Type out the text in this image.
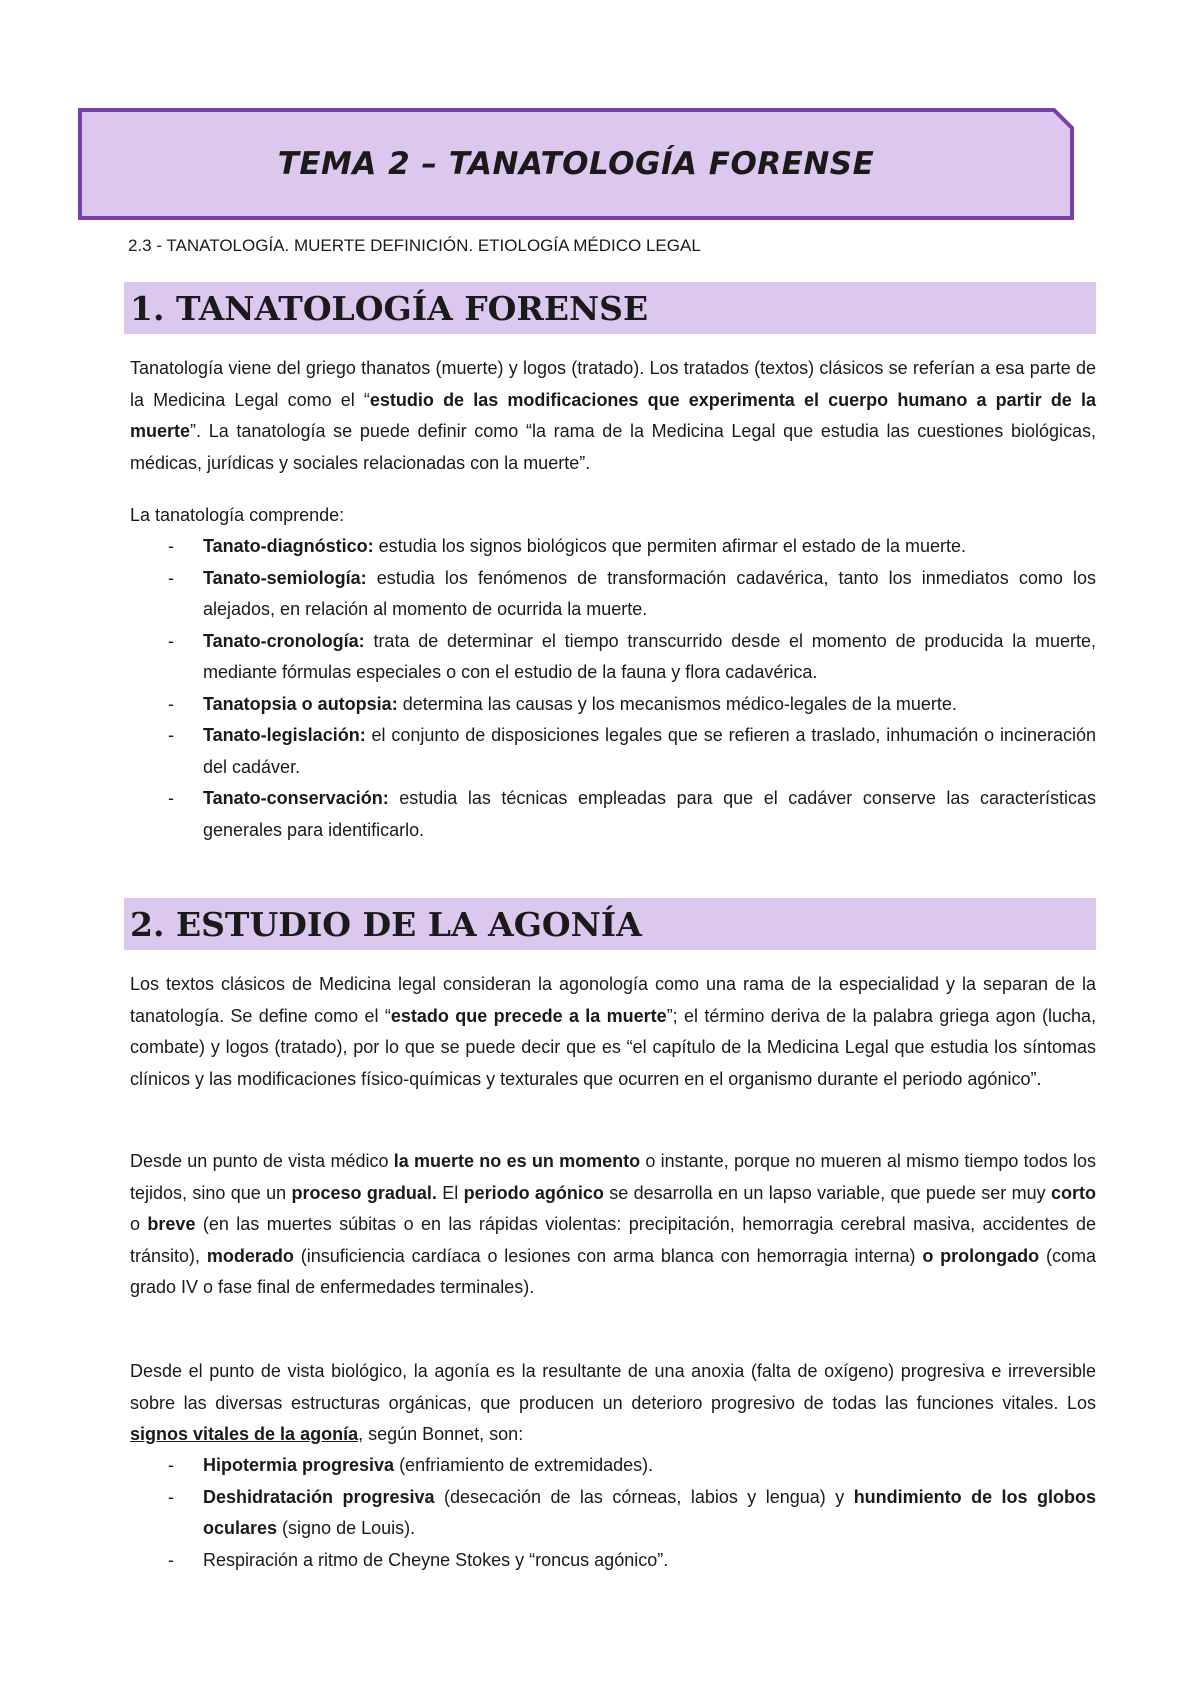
TEMA 2 – TANATOLOGÍA FORENSE
2.3 - TANATOLOGÍA. MUERTE DEFINICIÓN. ETIOLOGÍA MÉDICO LEGAL
1. TANATOLOGÍA FORENSE

Tanatología viene del griego thanatos (muerte) y logos (tratado). Los tratados (textos) clásicos se referían a esa parte de la Medicina Legal como el “estudio de las modificaciones que experimenta el cuerpo humano a partir de la muerte”. La tanatología se puede definir como “la rama de la Medicina Legal que estudia las cuestiones biológicas, médicas, jurídicas y sociales relacionadas con la muerte”.

La tanatología comprende:

- Tanato-diagnóstico: estudia los signos biológicos que permiten afirmar el estado de la muerte.
- Tanato-semiología: estudia los fenómenos de transformación cadavérica, tanto los inmediatos como los alejados, en relación al momento de ocurrida la muerte.
- Tanato-cronología: trata de determinar el tiempo transcurrido desde el momento de producida la muerte, mediante fórmulas especiales o con el estudio de la fauna y flora cadavérica.
- Tanatopsia o autopsia: determina las causas y los mecanismos médico-legales de la muerte.
- Tanato-legislación: el conjunto de disposiciones legales que se refieren a traslado, inhumación o incineración del cadáver.
- Tanato-conservación: estudia las técnicas empleadas para que el cadáver conserve las características generales para identificarlo.
2. ESTUDIO DE LA AGONÍA

Los textos clásicos de Medicina legal consideran la agonología como una rama de la especialidad y la separan de la tanatología. Se define como el “estado que precede a la muerte”; el término deriva de la palabra griega agon (lucha, combate) y logos (tratado), por lo que se puede decir que es “el capítulo de la Medicina Legal que estudia los síntomas clínicos y las modificaciones físico-químicas y texturales que ocurren en el organismo durante el periodo agónico”.

Desde un punto de vista médico la muerte no es un momento o instante, porque no mueren al mismo tiempo todos los tejidos, sino que un proceso gradual. El periodo agónico se desarrolla en un lapso variable, que puede ser muy corto o breve (en las muertes súbitas o en las rápidas violentas: precipitación, hemorragia cerebral masiva, accidentes de tránsito), moderado (insuficiencia cardíaca o lesiones con arma blanca con hemorragia interna) o prolongado (coma grado IV o fase final de enfermedades terminales).

Desde el punto de vista biológico, la agonía es la resultante de una anoxia (falta de oxígeno) progresiva e irreversible sobre las diversas estructuras orgánicas, que producen un deterioro progresivo de todas las funciones vitales. Los signos vitales de la agonía, según Bonnet, son:

- Hipotermia progresiva (enfriamiento de extremidades).
- Deshidratación progresiva (desecación de las córneas, labios y lengua) y hundimiento de los globos oculares (signo de Louis).
- Respiración a ritmo de Cheyne Stokes y “roncus agónico”.
